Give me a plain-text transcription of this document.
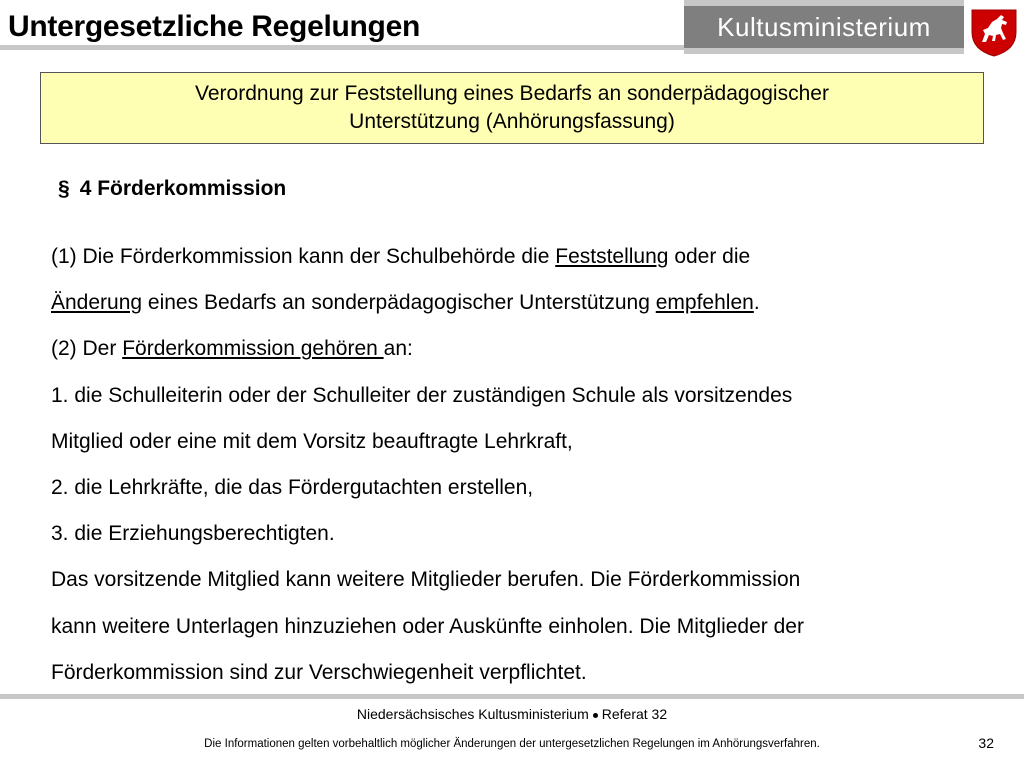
Untergesetzliche Regelungen	Kultusministerium
Verordnung zur Feststellung eines Bedarfs an sonderpädagogischer
Unterstützung (Anhörungsfassung)
§ 4 Förderkommission
(1) Die Förderkommission kann der Schulbehörde die Feststellung oder die
Änderung eines Bedarfs an sonderpädagogischer Unterstützung empfehlen.
(2) Der Förderkommission gehören an:
1. die Schulleiterin oder der Schulleiter der zuständigen Schule als vorsitzendes
Mitglied oder eine mit dem Vorsitz beauftragte Lehrkraft,
2. die Lehrkräfte, die das Fördergutachten erstellen,
3. die Erziehungsberechtigten.
Das vorsitzende Mitglied kann weitere Mitglieder berufen. Die Förderkommission
kann weitere Unterlagen hinzuziehen oder Auskünfte einholen. Die Mitglieder der
Förderkommission sind zur Verschwiegenheit verpflichtet.
Niedersächsisches Kultusministerium Referat 32
Die Informationen gelten vorbehaltlich möglicher Änderungen der untergesetzlichen Regelungen im Anhörungsverfahren.	32
